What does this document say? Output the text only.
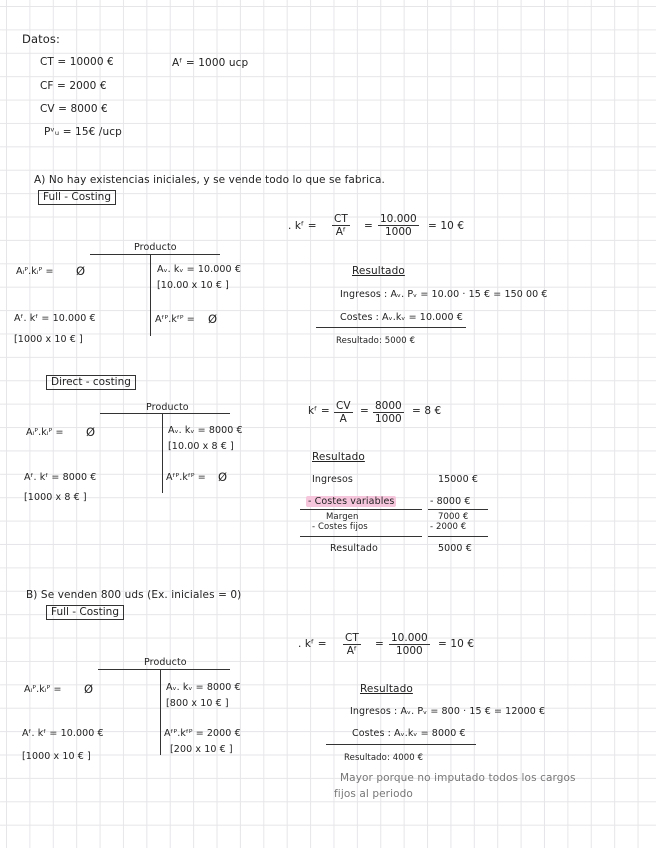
Datos:
CT = 10000 €	Aᶠ = 1000 ucp
CF = 2000 €
CV = 8000 €
Pᵛᵤ = 15€ /ucp
A) No hay existencias iniciales, y se vende todo lo que se fabrica.
Full - Costing
. kᶠ = $\frac{CT}{\text{Aᶠ}} = \frac{10.000}{1000} = 10$ €
Producto
Aᵢᴾ.kᵢᴾ = Ø
Aᶠ. kᶠ = 10.000 €
[1000 x 10 € ]
Aᵥ. kᵥ = 10.000 €
[10.00 x 10 € ]
Aᶠᴾ.kᶠᴾ = Ø
Resultado
Ingresos : Aᵥ. Pᵥ = 10.00 · 15 € = 150 00 €
Costes : Aᵥ.kᵥ = 10.000 €
Resultado: 5000 €
Direct - costing
kᶠ = $\frac{CV}{A} = \frac{8000}{1000} = 8$ €
Producto
Aᵢᴾ.kᵢᴾ = Ø
Aᶠ. kᶠ = 8000 €
[1000 x 8 € ]
Aᵥ. kᵥ = 8000 €
[10.00 x 8 € ]
Aᶠᴾ.kᶠᴾ = Ø
Resultado
Ingresos	15000 €
- Costes variables	- 8000 €
Margen	7000 €
- Costes fijos	- 2000 €
Resultado	5000 €
B) Se venden 800 uds (Ex. iniciales = 0)
Full - Costing
. kᶠ = $\frac{CT}{\text{Aᶠ}} = \frac{10.000}{1000} = 10$ €
Producto
Aᵢᴾ.kᵢᴾ = Ø
Aᶠ. kᶠ = 10.000 €
[1000 x 10 € ]
Aᵥ. kᵥ = 8000 €
[800 x 10 € ]
Aᶠᴾ.kᶠᴾ = 2000 €
[200 x 10 € ]
Resultado
Ingresos : Aᵥ. Pᵥ = 800 · 15 € = 12000 €
Costes : Aᵥ.kᵥ = 8000 €
Resultado: 4000 €
Mayor porque no imputado todos los cargos
fijos al periodo
